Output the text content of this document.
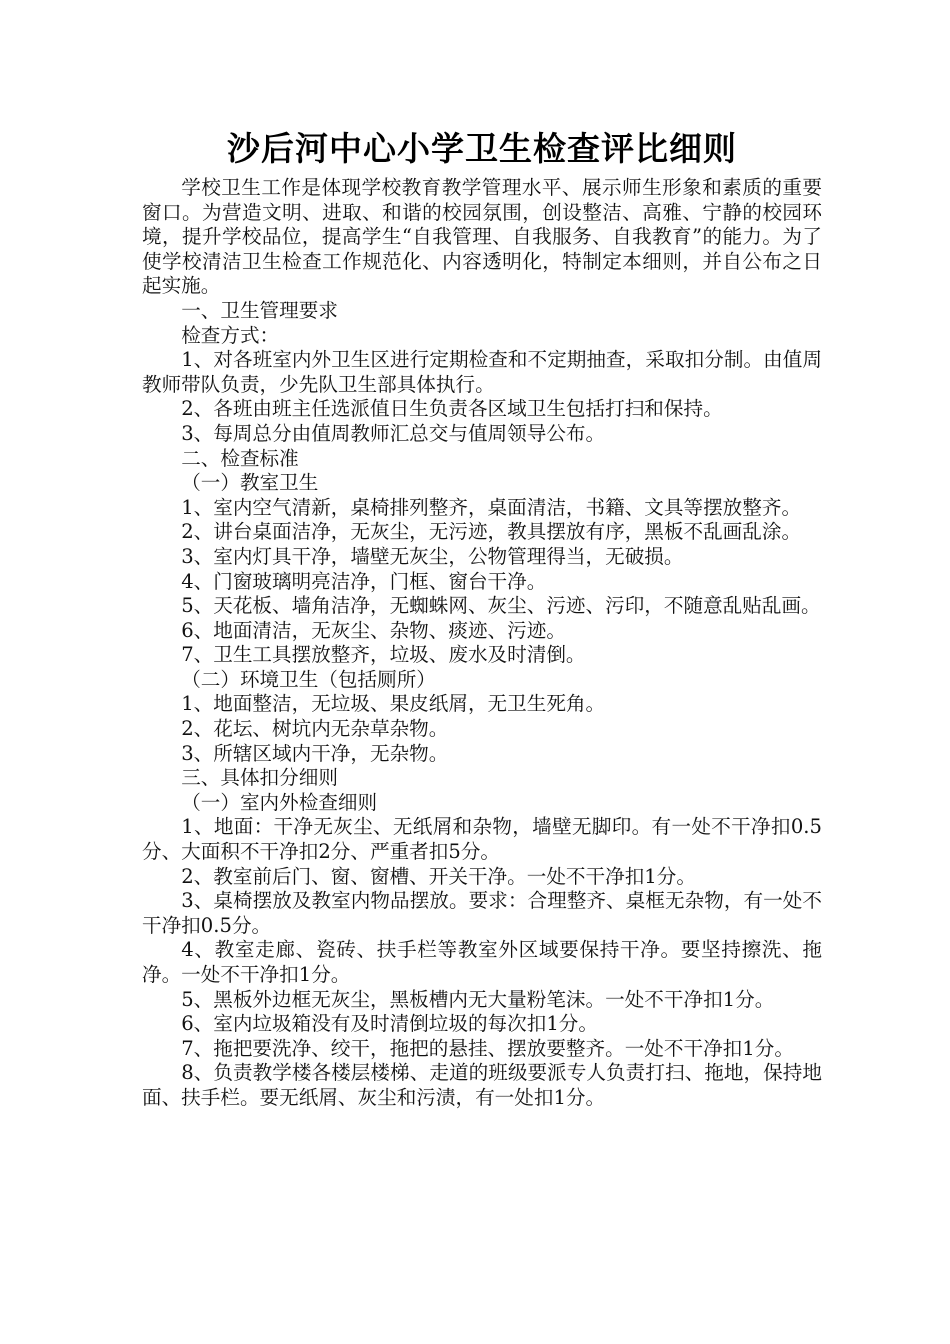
沙后河中心小学卫生检查评比细则

学校卫生工作是体现学校教育教学管理水平、展示师生形象和素质的重要窗口。为营造文明、进取、和谐的校园氛围，创设整洁、高雅、宁静的校园环境，提升学校品位，提高学生“自我管理、自我服务、自我教育”的能力。为了使学校清洁卫生检查工作规范化、内容透明化，特制定本细则，并自公布之日起实施。

一、卫生管理要求

检查方式：

1、对各班室内外卫生区进行定期检查和不定期抽查，采取扣分制。由值周教师带队负责，少先队卫生部具体执行。

2、各班由班主任选派值日生负责各区域卫生包括打扫和保持。

3、每周总分由值周教师汇总交与值周领导公布。

二、检查标准

（一）教室卫生

1、室内空气清新，桌椅排列整齐，桌面清洁，书籍、文具等摆放整齐。

2、讲台桌面洁净，无灰尘，无污迹，教具摆放有序，黑板不乱画乱涂。

3、室内灯具干净，墙壁无灰尘，公物管理得当，无破损。

4、门窗玻璃明亮洁净，门框、窗台干净。

5、天花板、墙角洁净，无蜘蛛网、灰尘、污迹、污印，不随意乱贴乱画。

6、地面清洁，无灰尘、杂物、痰迹、污迹。

7、卫生工具摆放整齐，垃圾、废水及时清倒。

（二）环境卫生（包括厕所）

1、地面整洁，无垃圾、果皮纸屑，无卫生死角。

2、花坛、树坑内无杂草杂物。

3、所辖区域内干净，无杂物。

三、具体扣分细则

（一）室内外检查细则

1、地面：干净无灰尘、无纸屑和杂物，墙壁无脚印。有一处不干净扣0.5分、大面积不干净扣2分、严重者扣5分。

2、教室前后门、窗、窗槽、开关干净。一处不干净扣1分。

3、桌椅摆放及教室内物品摆放。要求：合理整齐、桌框无杂物，有一处不干净扣0.5分。

4、教室走廊、瓷砖、扶手栏等教室外区域要保持干净。要坚持擦洗、拖净。一处不干净扣1分。

5、黑板外边框无灰尘，黑板槽内无大量粉笔沫。一处不干净扣1分。

6、室内垃圾箱没有及时清倒垃圾的每次扣1分。

7、拖把要洗净、绞干，拖把的悬挂、摆放要整齐。一处不干净扣1分。

8、负责教学楼各楼层楼梯、走道的班级要派专人负责打扫、拖地，保持地面、扶手栏。要无纸屑、灰尘和污渍，有一处扣1分。
